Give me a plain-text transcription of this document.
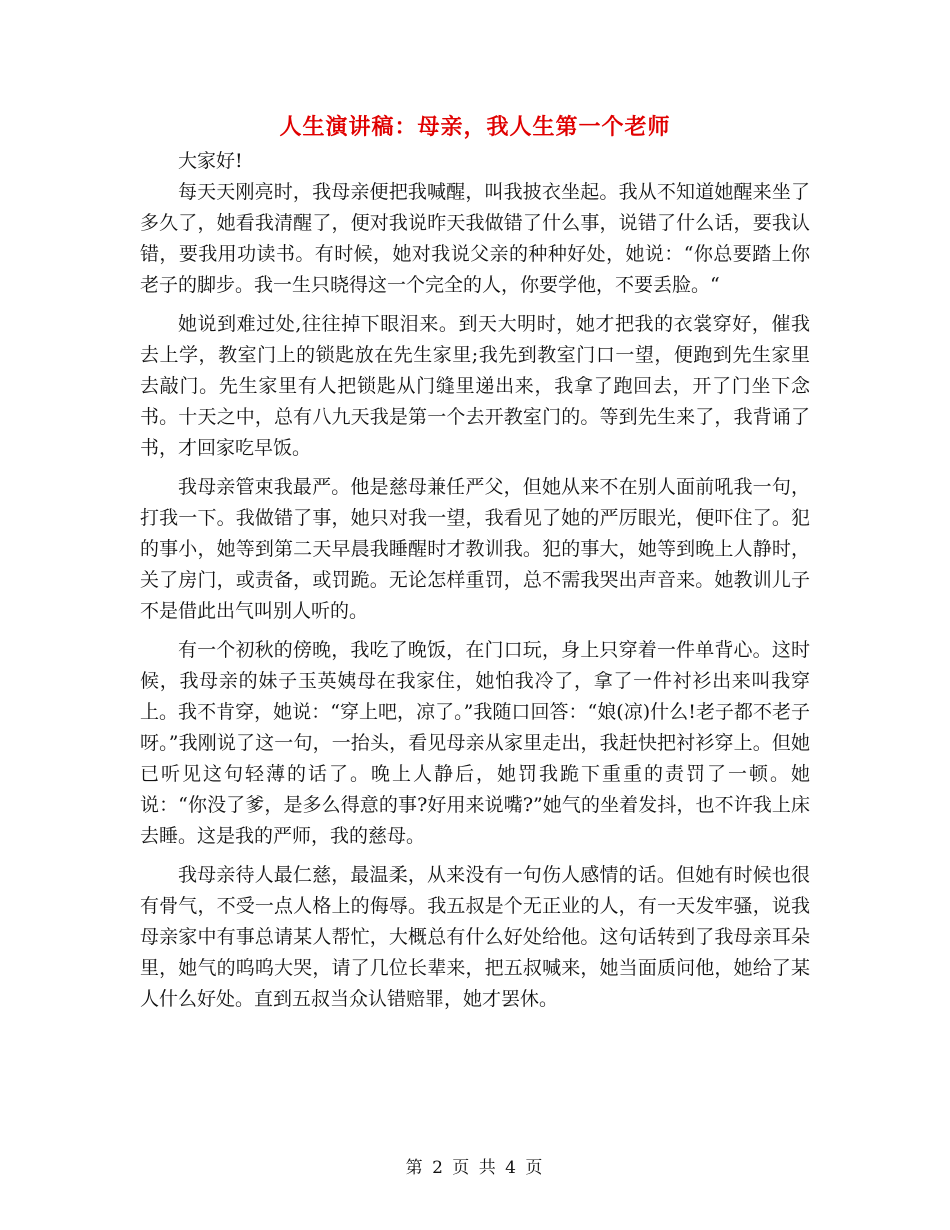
人生演讲稿：母亲，我人生第一个老师

大家好!

每天天刚亮时，我母亲便把我喊醒，叫我披衣坐起。我从不知道她醒来坐了多久了，她看我清醒了，便对我说昨天我做错了什么事，说错了什么话，要我认错，要我用功读书。有时候，她对我说父亲的种种好处，她说：“你总要踏上你老子的脚步。我一生只晓得这一个完全的人，你要学他，不要丢脸。“

她说到难过处,往往掉下眼泪来。到天大明时，她才把我的衣裳穿好，催我去上学，教室门上的锁匙放在先生家里;我先到教室门口一望，便跑到先生家里去敲门。先生家里有人把锁匙从门缝里递出来，我拿了跑回去，开了门坐下念书。十天之中，总有八九天我是第一个去开教室门的。等到先生来了，我背诵了书，才回家吃早饭。

我母亲管束我最严。他是慈母兼任严父，但她从来不在别人面前吼我一句，打我一下。我做错了事，她只对我一望，我看见了她的严厉眼光，便吓住了。犯的事小，她等到第二天早晨我睡醒时才教训我。犯的事大，她等到晚上人静时，关了房门，或责备，或罚跪。无论怎样重罚，总不需我哭出声音来。她教训儿子不是借此出气叫别人听的。

有一个初秋的傍晚，我吃了晚饭，在门口玩，身上只穿着一件单背心。这时候，我母亲的妹子玉英姨母在我家住，她怕我冷了，拿了一件衬衫出来叫我穿上。我不肯穿，她说：“穿上吧，凉了。”我随口回答：“娘(凉)什么!老子都不老子呀。”我刚说了这一句，一抬头，看见母亲从家里走出，我赶快把衬衫穿上。但她已听见这句轻薄的话了。晚上人静后，她罚我跪下重重的责罚了一顿。她说：“你没了爹，是多么得意的事?好用来说嘴?”她气的坐着发抖，也不许我上床去睡。这是我的严师，我的慈母。

我母亲待人最仁慈，最温柔，从来没有一句伤人感情的话。但她有时候也很有骨气，不受一点人格上的侮辱。我五叔是个无正业的人，有一天发牢骚，说我母亲家中有事总请某人帮忙，大概总有什么好处给他。这句话转到了我母亲耳朵里，她气的呜呜大哭，请了几位长辈来，把五叔喊来，她当面质问他，她给了某人什么好处。直到五叔当众认错赔罪，她才罢休。

第 2 页 共 4 页
